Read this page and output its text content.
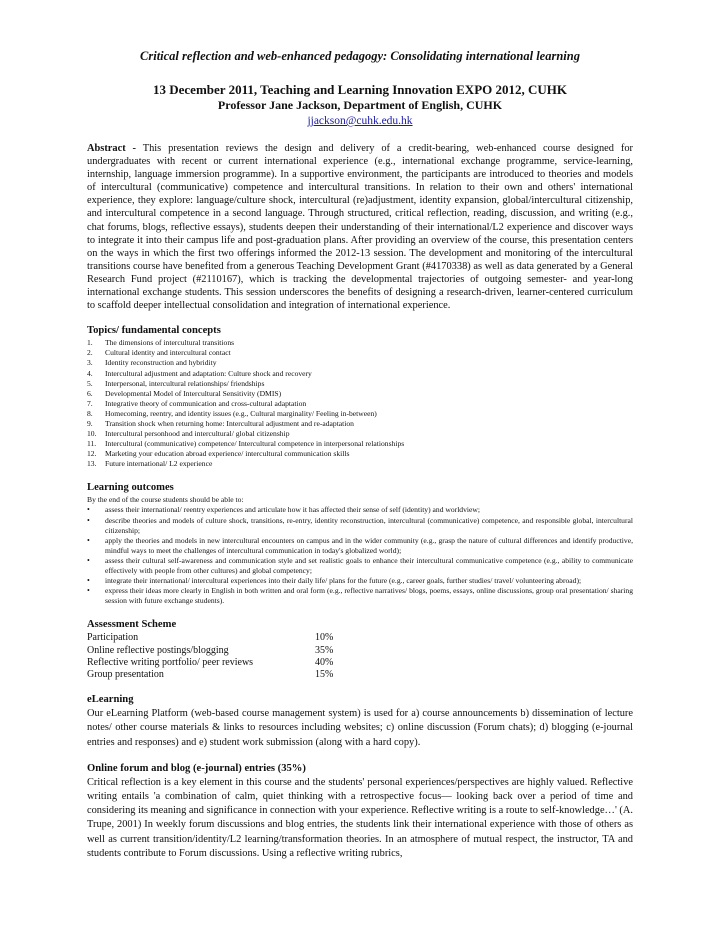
Critical reflection and web-enhanced pedagogy: Consolidating international learning

13 December 2011, Teaching and Learning Innovation EXPO 2012, CUHK

Professor Jane Jackson, Department of English, CUHK

jjackson@cuhk.edu.hk

Abstract - This presentation reviews the design and delivery of a credit-bearing, web-enhanced course designed for undergraduates with recent or current international experience (e.g., international exchange programme, service-learning, internship, language immersion programme). In a supportive environment, the participants are introduced to theories and models of intercultural (communicative) competence and intercultural transitions. In relation to their own and others' international experience, they explore: language/culture shock, intercultural (re)adjustment, identity expansion, global/intercultural citizenship, and intercultural competence in a second language. Through structured, critical reflection, reading, discussion, and writing (e.g., chat forums, blogs, reflective essays), students deepen their understanding of their international/L2 experience and discover ways to integrate it into their campus life and post-graduation plans. After providing an overview of the course, this presentation centers on the ways in which the first two offerings informed the 2012-13 session. The development and monitoring of the intercultural transitions course have benefited from a generous Teaching Development Grant (#4170338) as well as data generated by a General Research Fund project (#2110167), which is tracking the developmental trajectories of outgoing semester- and year-long international exchange students. This session underscores the benefits of designing a research-driven, learner-centered curriculum to scaffold deeper intellectual consolidation and integration of international experience.

Topics/ fundamental concepts
1.	The dimensions of intercultural transitions
2.	Cultural identity and intercultural contact
3.	Identity reconstruction and hybridity
4.	Intercultural adjustment and adaptation: Culture shock and recovery
5.	Interpersonal, intercultural relationships/ friendships
6.	Developmental Model of Intercultural Sensitivity (DMIS)
7.	Integrative theory of communication and cross-cultural adaptation
8.	Homecoming, reentry, and identity issues (e.g., Cultural marginality/ Feeling in-between)
9.	Transition shock when returning home: Intercultural adjustment and re-adaptation
10.	Intercultural personhood and intercultural/ global citizenship
11.	Intercultural (communicative) competence/ Intercultural competence in interpersonal relationships
12.	Marketing your education abroad experience/ intercultural communication skills
13.	Future international/ L2 experience
Learning outcomes

By the end of the course students should be able to:

•	assess their international/ reentry experiences and articulate how it has affected their sense of self (identity) and worldview;
•	describe theories and models of culture shock, transitions, re-entry, identity reconstruction, intercultural (communicative) competence, and responsible global, intercultural citizenship;
•	apply the theories and models in new intercultural encounters on campus and in the wider community (e.g., grasp the nature of cultural differences and identify productive, mindful ways to meet the challenges of intercultural communication in today's globalized world);
•	assess their cultural self-awareness and communication style and set realistic goals to enhance their intercultural communicative competence (e.g., ability to communicate effectively with people from other cultures) and global competency;
•	integrate their international/ intercultural experiences into their daily life/ plans for the future (e.g., career goals, further studies/ travel/ volunteering abroad);
•	express their ideas more clearly in English in both written and oral form (e.g., reflective narratives/ blogs, poems, essays, online discussions, group oral presentation/ sharing session with future exchange students).
Assessment Scheme
Participation	10%
Online reflective postings/blogging	35%
Reflective writing portfolio/ peer reviews	40%
Group presentation	15%
eLearning

Our eLearning Platform (web-based course management system) is used for a) course announcements b) dissemination of lecture notes/ other course materials & links to resources including websites; c) online discussion (Forum chats); d) blogging (e-journal entries and responses) and e) student work submission (along with a hard copy).

Online forum and blog (e-journal) entries (35%)

Critical reflection is a key element in this course and the students' personal experiences/perspectives are highly valued. Reflective writing entails 'a combination of calm, quiet thinking with a retrospective focus— looking back over a period of time and considering its meaning and significance in connection with your experience. Reflective writing is a route to self-knowledge…' (A. Trupe, 2001) In weekly forum discussions and blog entries, the students link their international experience with those of others as well as current transition/identity/L2 learning/transformation theories. In an atmosphere of mutual respect, the instructor, TA and students contribute to Forum discussions. Using a reflective writing rubrics,
